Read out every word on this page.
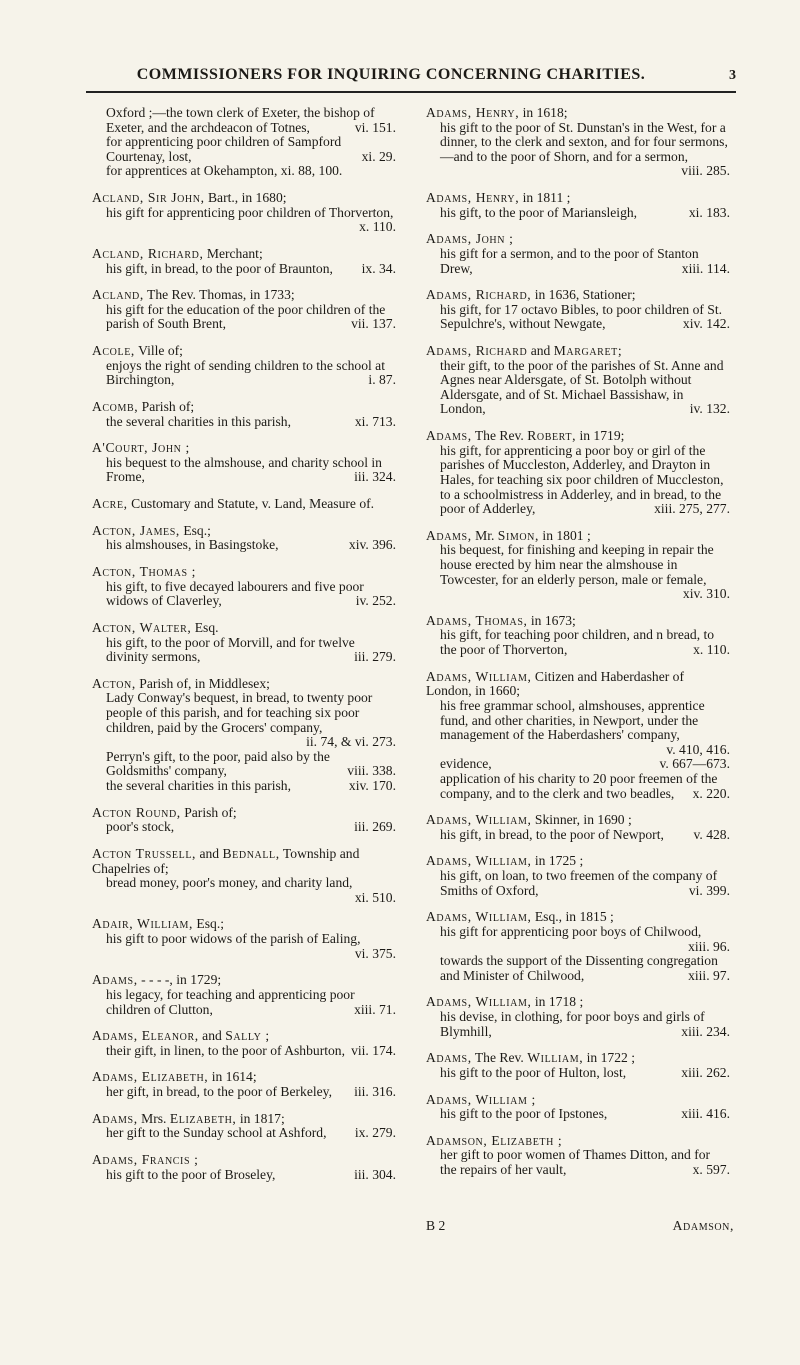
COMMISSIONERS FOR INQUIRING CONCERNING CHARITIES.	3
Oxford ;—the town clerk of Exeter, the bishop of Exeter, and the archdeacon of Totnes,	vi. 151.
for apprenticing poor children of Sampford Courtenay, lost,	xi. 29.
for apprentices at Okehampton, xi. 88, 100.
Acland, Sir John, Bart., in 1680;
his gift for apprenticing poor children of Thorverton,
x. 110.
Acland, Richard, Merchant;
his gift, in bread, to the poor of Braunton,	ix. 34.
Acland, The Rev. Thomas, in 1733;
his gift for the education of the poor children of the parish of South Brent,	vii. 137.
Acole, Ville of;
enjoys the right of sending children to the school at Birchington,	i. 87.
Acomb, Parish of;
the several charities in this parish,	xi. 713.
A'Court, John ;
his bequest to the almshouse, and charity school in Frome,	iii. 324.
Acre, Customary and Statute, v. Land, Measure of.
Acton, James, Esq.;
his almshouses, in Basingstoke,	xiv. 396.
Acton, Thomas ;
his gift, to five decayed labourers and five poor widows of Claverley,	iv. 252.
Acton, Walter, Esq.
his gift, to the poor of Morvill, and for twelve divinity sermons,	iii. 279.
Acton, Parish of, in Middlesex;
Lady Conway's bequest, in bread, to twenty poor people of this parish, and for teaching six poor children, paid by the Grocers' company,
ii. 74, & vi. 273.
Perryn's gift, to the poor, paid also by the Goldsmiths' company,	viii. 338.
the several charities in this parish,	xiv. 170.
Acton Round, Parish of;
poor's stock,	iii. 269.
Acton Trussell, and Bednall, Township and Chapelries of;
bread money, poor's money, and charity land,
xi. 510.
Adair, William, Esq.;
his gift to poor widows of the parish of Ealing,
vi. 375.
Adams, - - - -, in 1729;
his legacy, for teaching and apprenticing poor children of Clutton,	xiii. 71.
Adams, Eleanor, and Sally ;
their gift, in linen, to the poor of Ashburton, vii. 174.
Adams, Elizabeth, in 1614;
her gift, in bread, to the poor of Berkeley,	iii. 316.
Adams, Mrs. Elizabeth, in 1817;
her gift to the Sunday school at Ashford,	ix. 279.
Adams, Francis ;
his gift to the poor of Broseley,	iii. 304.
Adams, Henry, in 1618;
his gift to the poor of St. Dunstan's in the West, for a dinner, to the clerk and sexton, and for four sermons,—and to the poor of Shorn, and for a sermon,
viii. 285.
Adams, Henry, in 1811 ;
his gift, to the poor of Mariansleigh,	xi. 183.
Adams, John ;
his gift for a sermon, and to the poor of Stanton Drew,	xiii. 114.
Adams, Richard, in 1636, Stationer;
his gift, for 17 octavo Bibles, to poor children of St. Sepulchre's, without Newgate,	xiv. 142.
Adams, Richard and Margaret;
their gift, to the poor of the parishes of St. Anne and Agnes near Aldersgate, of St. Botolph without Aldersgate, and of St. Michael Bassishaw, in London,	iv. 132.
Adams, The Rev. Robert, in 1719;
his gift, for apprenticing a poor boy or girl of the parishes of Muccleston, Adderley, and Drayton in Hales, for teaching six poor children of Muccleston, to a schoolmistress in Adderley, and in bread, to the poor of Adderley,	xiii. 275, 277.
Adams, Mr. Simon, in 1801 ;
his bequest, for finishing and keeping in repair the house erected by him near the almshouse in Towcester, for an elderly person, male or female,
xiv. 310.
Adams, Thomas, in 1673;
his gift, for teaching poor children, and n bread, to the poor of Thorverton,	x. 110.
Adams, William, Citizen and Haberdasher of London, in 1660;
his free grammar school, almshouses, apprentice fund, and other charities, in Newport, under the management of the Haberdashers' company,
v. 410, 416.
evidence,	v. 667—673.
application of his charity to 20 poor freemen of the company, and to the clerk and two beadles,	x. 220.
Adams, William, Skinner, in 1690 ;
his gift, in bread, to the poor of Newport,	v. 428.
Adams, William, in 1725 ;
his gift, on loan, to two freemen of the company of Smiths of Oxford,	vi. 399.
Adams, William, Esq., in 1815 ;
his gift for apprenticing poor boys of Chilwood,
xiii. 96.
towards the support of the Dissenting congregation and Minister of Chilwood,	xiii. 97.
Adams, William, in 1718 ;
his devise, in clothing, for poor boys and girls of Blymhill,	xiii. 234.
Adams, The Rev. William, in 1722 ;
his gift to the poor of Hulton, lost,	xiii. 262.
Adams, William ;
his gift to the poor of Ipstones,	xiii. 416.
Adamson, Elizabeth ;
her gift to poor women of Thames Ditton, and for the repairs of her vault,	x. 597.
B 2	Adamson,
